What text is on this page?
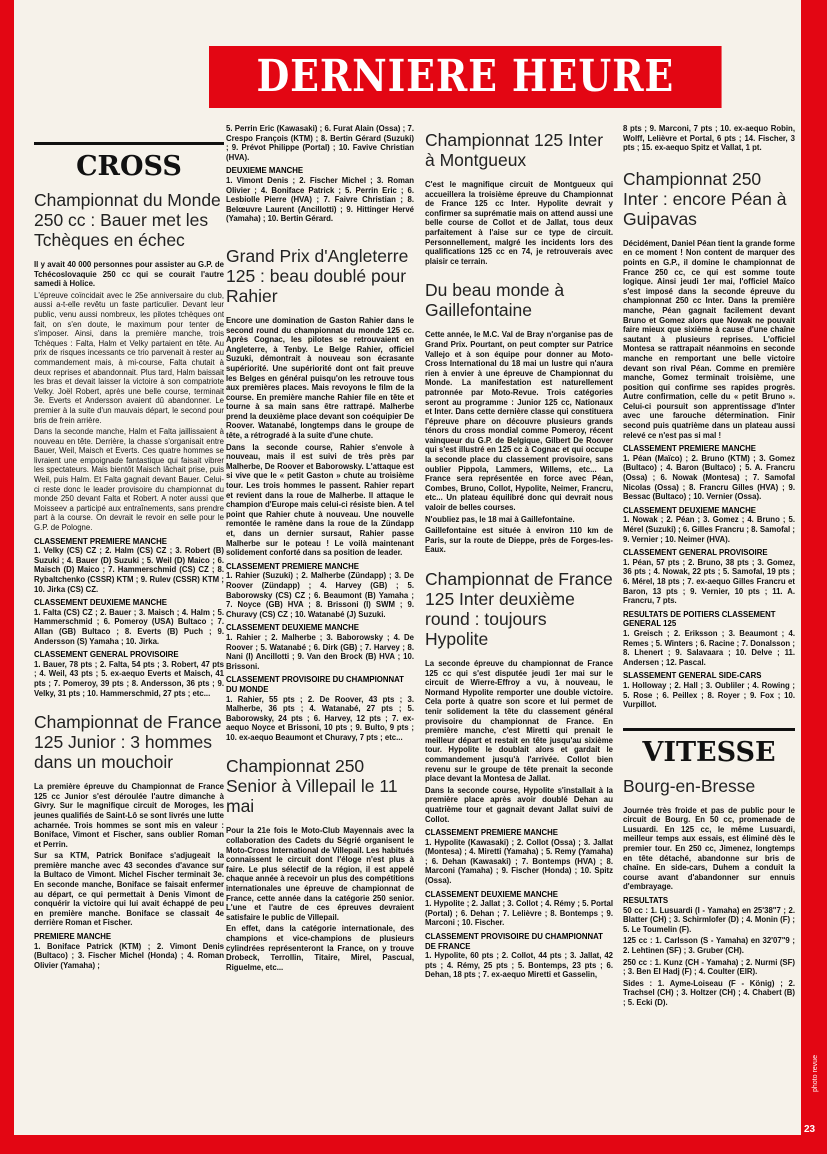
DERNIERE HEURE
CROSS
Championnat du Monde 250 cc : Bauer met les Tchèques en échec

Il y avait 40 000 personnes pour assister au G.P. de Tchécoslovaquie 250 cc qui se courait l'autre samedi à Holice.

L'épreuve coïncidait avec le 25e anniversaire du club, aussi a-t-elle revêtu un faste particulier. Devant leur public, venu aussi nombreux, les pilotes tchèques ont fait, on s'en doute, le maximum pour tenter de s'imposer. Ainsi, dans la première manche, trois Tchèques : Falta, Halm et Velky partaient en tête. Au prix de risques incessants ce trio parvenait à rester au commandement mais, à mi-course, Falta chutait à deux reprises et abandonnait. Plus tard, Halm baissait les bras et devait laisser la victoire à son compatriote Velky. Joël Robert, après une belle course, terminait 3e. Everts et Andersson avaient dû abandonner. Le premier à la suite d'un mauvais départ, le second pour bris de frein arrière.

Dans la seconde manche, Halm et Falta jaillissaient à nouveau en tête. Derrière, la chasse s'organisait entre Bauer, Weil, Maisch et Everts. Ces quatre hommes se livraient une empoignade fantastique qui faisait vibrer les spectateurs. Mais bientôt Maisch lâchait prise, puis Weil, puis Halm. Et Falta gagnait devant Bauer. Celui-ci reste donc le leader provisoire du championnat du monde 250 devant Falta et Robert. A noter aussi que Moisseev a participé aux entraînements, sans prendre part à la course. On devrait le revoir en selle pour le G.P. de Pologne.

CLASSEMENT PREMIERE MANCHE

1. Velky (CS) CZ ; 2. Halm (CS) CZ ; 3. Robert (B) Suzuki ; 4. Bauer (D) Suzuki ; 5. Weil (D) Maico ; 6. Maisch (D) Maico ; 7. Hammerschmid (CS) CZ ; 8. Rybaltchenko (CSSR) KTM ; 9. Rulev (CSSR) KTM ; 10. Jirka (CS) CZ.

CLASSEMENT DEUXIEME MANCHE

1. Falta (CS) CZ ; 2. Bauer ; 3. Maisch ; 4. Halm ; 5. Hammerschmid ; 6. Pomeroy (USA) Bultaco ; 7. Allan (GB) Bultaco ; 8. Everts (B) Puch ; 9. Andersson (S) Yamaha ; 10. Jirka.

CLASSEMENT GENERAL PROVISOIRE

1. Bauer, 78 pts ; 2. Falta, 54 pts ; 3. Robert, 47 pts ; 4. Weil, 43 pts ; 5. ex-aequo Everts et Maisch, 41 pts ; 7. Pomeroy, 39 pts ; 8. Andersson, 36 pts ; 9. Velky, 31 pts ; 10. Hammerschmid, 27 pts ; etc...

Championnat de France 125 Junior : 3 hommes dans un mouchoir

La première épreuve du Championnat de France 125 cc Junior s'est déroulée l'autre dimanche à Givry. Sur le magnifique circuit de Moroges, les jeunes qualifiés de Saint-Lô se sont livrés une lutte acharnée. Trois hommes se sont mis en valeur : Boniface, Vimont et Fischer, sans oublier Roman et Perrin.

Sur sa KTM, Patrick Boniface s'adjugeait la première manche avec 43 secondes d'avance sur la Bultaco de Vimont. Michel Fischer terminait 3e. En seconde manche, Boniface se faisait enfermer au départ, ce qui permettait à Denis Vimont de conquérir la victoire qui lui avait échappé de peu en première manche. Boniface se classait 4e derrière Roman et Fischer.

PREMIERE MANCHE

1. Boniface Patrick (KTM) ; 2. Vimont Denis (Bultaco) ; 3. Fischer Michel (Honda) ; 4. Roman Olivier (Yamaha) ;

5. Perrin Eric (Kawasaki) ; 6. Furat Alain (Ossa) ; 7. Crespo François (KTM) ; 8. Bertin Gérard (Suzuki) ; 9. Prévot Philippe (Portal) ; 10. Favive Christian (HVA).

DEUXIEME MANCHE

1. Vimont Denis ; 2. Fischer Michel ; 3. Roman Olivier ; 4. Boniface Patrick ; 5. Perrin Eric ; 6. Lesbiolle Pierre (HVA) ; 7. Faivre Christian ; 8. Belœuvre Laurent (Ancillotti) ; 9. Hittinger Hervé (Yamaha) ; 10. Bertin Gérard.

Grand Prix d'Angleterre 125 : beau doublé pour Rahier

Encore une domination de Gaston Rahier dans le second round du championnat du monde 125 cc. Après Cognac, les pilotes se retrouvaient en Angleterre, à Tenby. Le Belge Rahier, officiel Suzuki, démontrait à nouveau son écrasante supériorité. Une supériorité dont ont fait preuve les Belges en général puisqu'on les retrouve tous aux premières places. Mais revoyons le film de la course. En première manche Rahier file en tête et tourne à sa main sans être rattrapé. Malherbe prend la deuxième place devant son coéquipier De Roover. Watanabé, longtemps dans le groupe de tête, a rétrogradé à la suite d'une chute.

Dans la seconde course, Rahier s'envole à nouveau, mais il est suivi de très près par Malherbe, De Roover et Baborowsky. L'attaque est si vive que le « petit Gaston » chute au troisième tour. Les trois hommes le passent. Rahier repart et revient dans la roue de Malherbe. Il attaque le champion d'Europe mais celui-ci résiste bien. A tel point que Rahier chute à nouveau. Une nouvelle remontée le ramène dans la roue de la Zündapp et, dans un dernier sursaut, Rahier passe Malherbe sur le poteau ! Le voilà maintenant solidement conforté dans sa position de leader.

CLASSEMENT PREMIERE MANCHE

1. Rahier (Suzuki) ; 2. Malherbe (Zündapp) ; 3. De Roover (Zündapp) ; 4. Harvey (GB) ; 5. Baborowsky (CS) CZ ; 6. Beaumont (B) Yamaha ; 7. Noyce (GB) HVA ; 8. Brissoni (I) SWM ; 9. Churavy (CS) CZ ; 10. Watanabé (J) Suzuki.

CLASSEMENT DEUXIEME MANCHE

1. Rahier ; 2. Malherbe ; 3. Baborowsky ; 4. De Roover ; 5. Watanabé ; 6. Dirk (GB) ; 7. Harvey ; 8. Nani (I) Ancillotti ; 9. Van den Brock (B) HVA ; 10. Brissoni.

CLASSEMENT PROVISOIRE DU CHAMPIONNAT DU MONDE

1. Rahier, 55 pts ; 2. De Roover, 43 pts ; 3. Malherbe, 36 pts ; 4. Watanabé, 27 pts ; 5. Baborowsky, 24 pts ; 6. Harvey, 12 pts ; 7. ex-aequo Noyce et Brissoni, 10 pts ; 9. Bulto, 9 pts ; 10. ex-aequo Beaumont et Churavy, 7 pts ; etc...

Championnat 250 Senior à Villepail le 11 mai

Pour la 21e fois le Moto-Club Mayennais avec la collaboration des Cadets du Ségrié organisent le Moto-Cross International de Villepail. Les habitués connaissent le circuit dont l'éloge n'est plus à faire. Le plus sélectif de la région, il est appelé chaque année à recevoir un plus des compétitions internationales une épreuve de championnat de France, cette année dans la catégorie 250 senior. L'une et l'autre de ces épreuves devraient satisfaire le public de Villepail.

En effet, dans la catégorie internationale, des champions et vice-champions de plusieurs cylindrées représenteront la France, on y trouve Drobeck, Terrollin, Titaire, Mirel, Pascual, Riguelme, etc...

Championnat 125 Inter à Montgueux

C'est le magnifique circuit de Montgueux qui accueillera la troisième épreuve du Championnat de France 125 cc Inter. Hypolite devrait y confirmer sa suprématie mais on attend aussi une belle course de Collot et de Jallat, tous deux parfaitement à l'aise sur ce type de circuit. Personnellement, malgré les incidents lors des qualifications 125 cc en 74, je retrouverais avec plaisir ce terrain.

Du beau monde à Gaillefontaine

Cette année, le M.C. Val de Bray n'organise pas de Grand Prix. Pourtant, on peut compter sur Patrice Vallejo et à son équipe pour donner au Moto-Cross International du 18 mai un lustre qui n'aura rien à envier à une épreuve de Championnat du Monde. La manifestation est naturellement patronnée par Moto-Revue. Trois catégories seront au programme : Junior 125 cc, Nationaux et Inter. Dans cette dernière classe qui constituera l'épreuve phare on découvre plusieurs grands ténors du cross mondial comme Pomeroy, récent vainqueur du G.P. de Belgique, Gilbert De Roover qui s'est illustré en 125 cc à Cognac et qui occupe la seconde place du classement provisoire, sans oublier Pippola, Lammers, Willems, etc... La France sera représentée en force avec Péan, Combes, Bruno, Collot, Hypolite, Neimer, Francru, etc... Un plateau équilibré donc qui devrait nous valoir de belles courses.

N'oubliez pas, le 18 mai à Gaillefontaine.

Gaillefontaine est située à environ 110 km de Paris, sur la route de Dieppe, près de Forges-les-Eaux.

Championnat de France 125 Inter deuxième round : toujours Hypolite

La seconde épreuve du championnat de France 125 cc qui s'est disputée jeudi 1er mai sur le circuit de Wierre-Effroy a vu, à nouveau, le Normand Hypolite remporter une double victoire. Cela porte à quatre son score et lui permet de tenir solidement la tête du classement général provisoire du championnat de France. En première manche, c'est Miretti qui prenait le meilleur départ et restait en tête jusqu'au sixième tour. Hypolite le doublait alors et gardait le commandement jusqu'à l'arrivée. Collot bien revenu sur le groupe de tête prenait la seconde place devant la Montesa de Jallat.

Dans la seconde course, Hypolite s'installait à la première place après avoir doublé Dehan au quatrième tour et gagnait devant Jallat suivi de Collot.

CLASSEMENT PREMIERE MANCHE

1. Hypolite (Kawasaki) ; 2. Collot (Ossa) ; 3. Jallat (Montesa) ; 4. Miretti (Yamaha) ; 5. Remy (Yamaha) ; 6. Dehan (Kawasaki) ; 7. Bontemps (HVA) ; 8. Marconi (Yamaha) ; 9. Fischer (Honda) ; 10. Spitz (Ossa).

CLASSEMENT DEUXIEME MANCHE

1. Hypolite ; 2. Jallat ; 3. Collot ; 4. Rémy ; 5. Portal (Portal) ; 6. Dehan ; 7. Lelièvre ; 8. Bontemps ; 9. Marconi ; 10. Fischer.

CLASSEMENT PROVISOIRE DU CHAMPIONNAT DE FRANCE

1. Hypolite, 60 pts ; 2. Collot, 44 pts ; 3. Jallat, 42 pts ; 4. Rémy, 25 pts ; 5. Bontemps, 23 pts ; 6. Dehan, 18 pts ; 7. ex-aequo Miretti et Gasselin,

8 pts ; 9. Marconi, 7 pts ; 10. ex-aequo Robin, Wolff, Lelièvre et Portal, 6 pts ; 14. Fischer, 3 pts ; 15. ex-aequo Spitz et Vallat, 1 pt.

Championnat 250 Inter : encore Péan à Guipavas

Décidément, Daniel Péan tient la grande forme en ce moment ! Non content de marquer des points en G.P., il domine le championnat de France 250 cc, ce qui est somme toute logique. Ainsi jeudi 1er mai, l'officiel Maïco s'est imposé dans la seconde épreuve du championnat 250 cc Inter. Dans la première manche, Péan gagnait facilement devant Bruno et Gomez alors que Nowak ne pouvait faire mieux que sixième à cause d'une chaîne sautant à plusieurs reprises. L'officiel Montesa se rattrapait néanmoins en seconde manche en remportant une belle victoire devant son rival Péan. Comme en première manche, Gomez terminait troisième, une position qui confirme ses rapides progrès. Autre confirmation, celle du « petit Bruno ». Celui-ci poursuit son apprentissage d'Inter avec une farouche détermination. Finir second puis quatrième dans un plateau aussi relevé ce n'est pas si mal !

CLASSEMENT PREMIERE MANCHE

1. Péan (Maïco) ; 2. Bruno (KTM) ; 3. Gomez (Bultaco) ; 4. Baron (Bultaco) ; 5. A. Francru (Ossa) ; 6. Nowak (Montesa) ; 7. Samofal Nicolas (Ossa) ; 8. Francru Gilles (HVA) ; 9. Bessac (Bultaco) ; 10. Vernier (Ossa).

CLASSEMENT DEUXIEME MANCHE

1. Nowak ; 2. Péan ; 3. Gomez ; 4. Bruno ; 5. Mérel (Suzuki) ; 6. Gilles Francru ; 8. Samofal ; 9. Vernier ; 10. Neimer (HVA).

CLASSEMENT GENERAL PROVISOIRE

1. Péan, 57 pts ; 2. Bruno, 38 pts ; 3. Gomez, 36 pts ; 4. Nowak, 22 pts ; 5. Samofal, 19 pts ; 6. Mérel, 18 pts ; 7. ex-aequo Gilles Francru et Baron, 13 pts ; 9. Vernier, 10 pts ; 11. A. Francru, 7 pts.

RESULTATS DE POITIERS CLASSEMENT GENERAL 125

1. Greisch ; 2. Eriksson ; 3. Beaumont ; 4. Remes ; 5. Winters ; 6. Racine ; 7. Donalsson ; 8. Lhenert ; 9. Salavaara ; 10. Delve ; 11. Andersen ; 12. Pascal.

SLASSEMENT GENERAL SIDE-CARS

1. Holloway ; 2. Hall ; 3. Oubliler ; 4. Rowing ; 5. Rose ; 6. Peillex ; 8. Royer ; 9. Fox ; 10. Vurpillot.

VITESSE
Bourg-en-Bresse

Journée très froide et pas de public pour le circuit de Bourg. En 50 cc, promenade de Lusuardi. En 125 cc, le même Lusuardi, meilleur temps aux essais, est éliminé dès le premier tour. En 250 cc, Jimenez, longtemps en tête détaché, abandonne sur bris de chaîne. En side-cars, Duhem a conduit la course avant d'abandonner sur ennuis d'embrayage.

RESULTATS

50 cc : 1. Lusuardi (I - Yamaha) en 25'38"7 ; 2. Blatter (CH) ; 3. Schirmlofer (D) ; 4. Monin (F) ; 5. Le Toumelin (F).

125 cc : 1. Carlsson (S - Yamaha) en 32'07"9 ; 2. Lehtinen (SF) ; 3. Gruber (CH).

250 cc : 1. Kunz (CH - Yamaha) ; 2. Nurmi (SF) ; 3. Ben El Hadj (F) ; 4. Coulter (EIR).

Sides : 1. Ayme-Loiseau (F - König) ; 2. Trachsel (CH) ; 3. Holtzer (CH) ; 4. Chabert (B) ; 5. Ecki (D).

photo revue
23
